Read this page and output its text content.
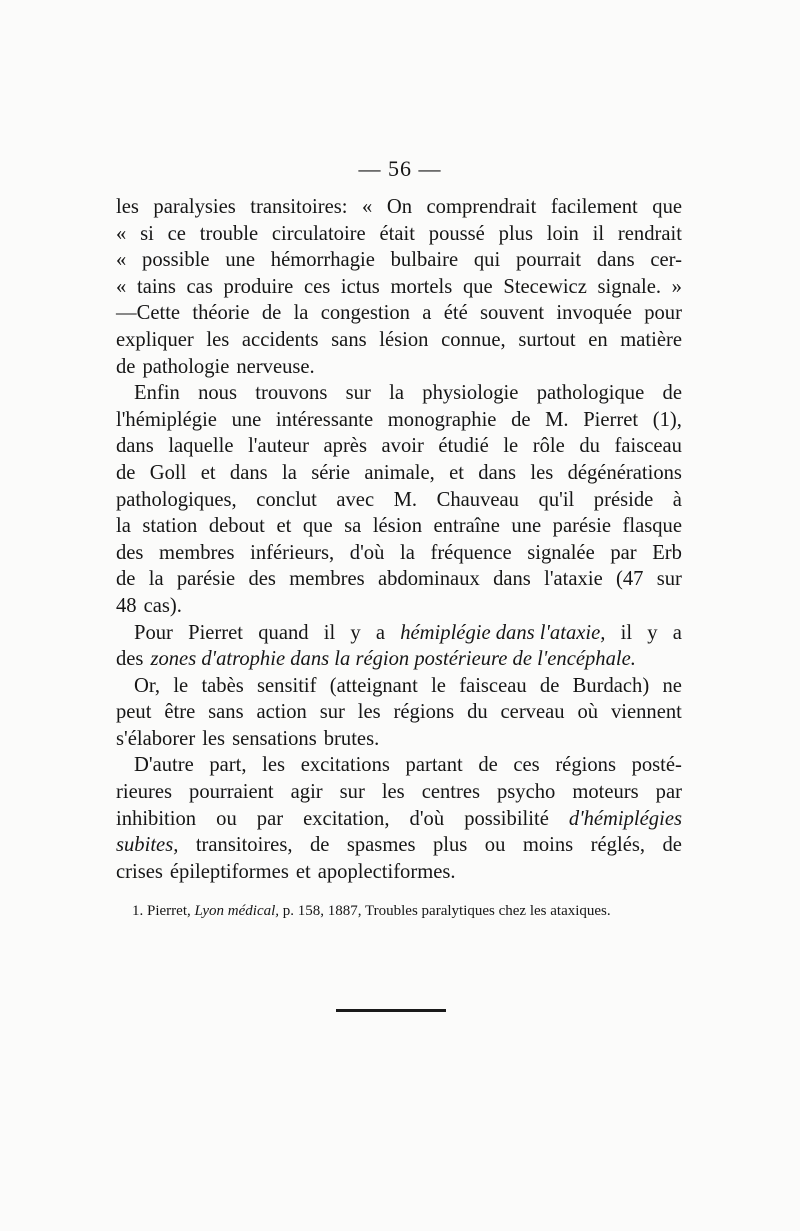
— 56 —
les paralysies transitoires: « On comprendrait facilement que
« si ce trouble circulatoire était poussé plus loin il rendrait
« possible une hémorrhagie bulbaire qui pourrait dans cer-
« tains cas produire ces ictus mortels que Stecewicz signale. »
—Cette théorie de la congestion a été souvent invoquée pour
expliquer les accidents sans lésion connue, surtout en matière
de pathologie nerveuse.
Enfin nous trouvons sur la physiologie pathologique de
l'hémiplégie une intéressante monographie de M. Pierret (1),
dans laquelle l'auteur après avoir étudié le rôle du faisceau
de Goll et dans la série animale, et dans les dégénérations
pathologiques, conclut avec M. Chauveau qu'il préside à
la station debout et que sa lésion entraîne une parésie flasque
des membres inférieurs, d'où la fréquence signalée par Erb
de la parésie des membres abdominaux dans l'ataxie (47 sur
48 cas).
Pour Pierret quand il y a hémiplégie dans l'ataxie, il y a
des zones d'atrophie dans la région postérieure de l'encéphale.
Or, le tabès sensitif (atteignant le faisceau de Burdach) ne
peut être sans action sur les régions du cerveau où viennent
s'élaborer les sensations brutes.
D'autre part, les excitations partant de ces régions posté-
rieures pourraient agir sur les centres psycho moteurs par
inhibition ou par excitation, d'où possibilité d'hémiplégies
subites, transitoires, de spasmes plus ou moins réglés, de
crises épileptiformes et apoplectiformes.
1. Pierret, Lyon médical, p. 158, 1887, Troubles paralytiques chez les ataxiques.
